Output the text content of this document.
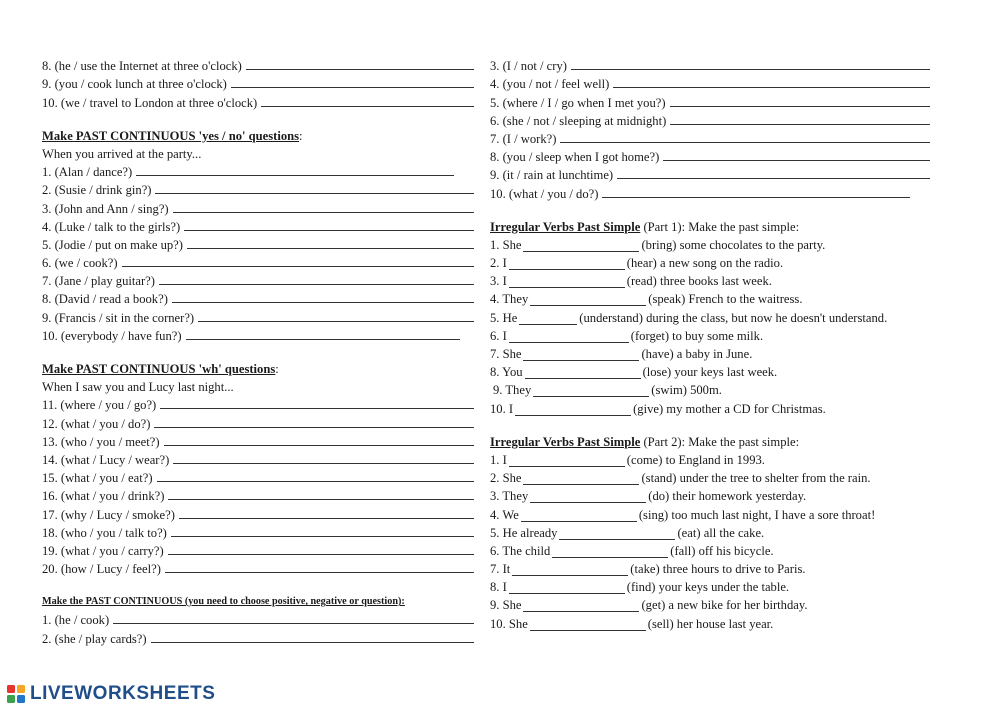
8. (he / use the Internet at three o'clock)
9. (you / cook lunch at three o'clock)
10. (we / travel to London at three o'clock)
Make PAST CONTINUOUS 'yes / no' questions :
When you arrived at the party...
1. (Alan / dance?)
2. (Susie / drink gin?)
3. (John and Ann / sing?)
4. (Luke / talk to the girls?)
5. (Jodie / put on make up?)
6. (we / cook?)
7. (Jane / play guitar?)
8. (David / read a book?)
9. (Francis / sit in the corner?)
10. (everybody / have fun?)
Make PAST CONTINUOUS 'wh' questions :
When I saw you and Lucy last night...
11. (where / you / go?)
12. (what / you / do?)
13. (who / you / meet?)
14. (what / Lucy / wear?)
15. (what / you / eat?)
16. (what / you / drink?)
17. (why / Lucy / smoke?)
18. (who / you / talk to?)
19. (what / you / carry?)
20. (how / Lucy / feel?)
Make the PAST CONTINUOUS (you need to choose positive, negative or question):
1. (he / cook)
2. (she / play cards?)
3. (I / not / cry)
4. (you / not / feel well)
5. (where / I / go when I met you?)
6. (she / not / sleeping at midnight)
7. (I / work?)
8. (you / sleep when I got home?)
9. (it / rain at lunchtime)
10. (what / you / do?)
Irregular Verbs Past Simple (Part 1): Make the past simple:
1. She	(bring) some chocolates to the party.
2. I	(hear) a new song on the radio.
3. I	(read) three books last week.
4. They	(speak) French to the waitress.
5. He	(understand) during the class, but now he doesn't understand.
6. I	(forget) to buy some milk.
7. She	(have) a baby in June.
8. You	(lose) your keys last week.
9. They	(swim) 500m.
10. I	(give) my mother a CD for Christmas.
Irregular Verbs Past Simple (Part 2): Make the past simple:
1. I	(come) to England in 1993.
2. She	(stand) under the tree to shelter from the rain.
3. They	(do) their homework yesterday.
4. We	(sing) too much last night, I have a sore throat!
5. He already	(eat) all the cake.
6. The child	(fall) off his bicycle.
7. It	(take) three hours to drive to Paris.
8. I	(find) your keys under the table.
9. She	(get) a new bike for her birthday.
10. She	(sell) her house last year.
LIVEWORKSHEETS
